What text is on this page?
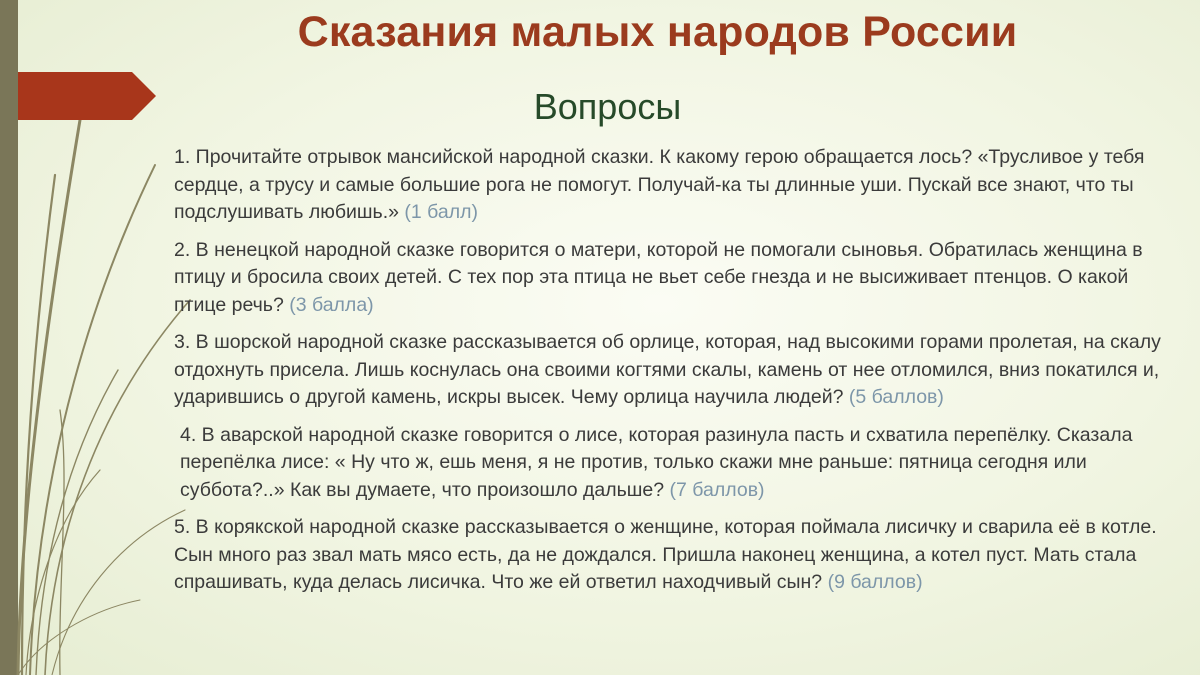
Сказания малых народов России
Вопросы

1. Прочитайте отрывок мансийской народной сказки. К какому герою обращается лось? «Трусливое у тебя сердце, а трусу и самые большие рога не помогут. Получай-ка ты длинные уши. Пускай все знают, что ты подслушивать любишь.» (1 балл)

2. В ненецкой народной сказке говорится о матери, которой не помогали сыновья. Обратилась женщина в птицу и бросила своих детей. С тех пор эта птица не вьет себе гнезда и не высиживает птенцов. О какой птице речь? (3 балла)

3. В шорской народной сказке рассказывается об орлице, которая, над высокими горами пролетая, на скалу отдохнуть присела. Лишь коснулась она своими когтями скалы, камень от нее отломился, вниз покатился и, ударившись о другой камень, искры высек. Чему орлица научила людей? (5 баллов)

4. В аварской народной сказке говорится о лисе, которая разинула пасть и схватила перепёлку. Сказала перепёлка лисе: « Ну что ж, ешь меня, я не против, только скажи мне раньше: пятница сегодня или суббота?..» Как вы думаете, что произошло дальше? (7 баллов)

5. В корякской народной сказке рассказывается о женщине, которая поймала лисичку и сварила её в котле. Сын много раз звал мать мясо есть, да не дождался. Пришла наконец женщина, а котел пуст. Мать стала спрашивать, куда делась лисичка. Что же ей ответил находчивый сын? (9 баллов)
